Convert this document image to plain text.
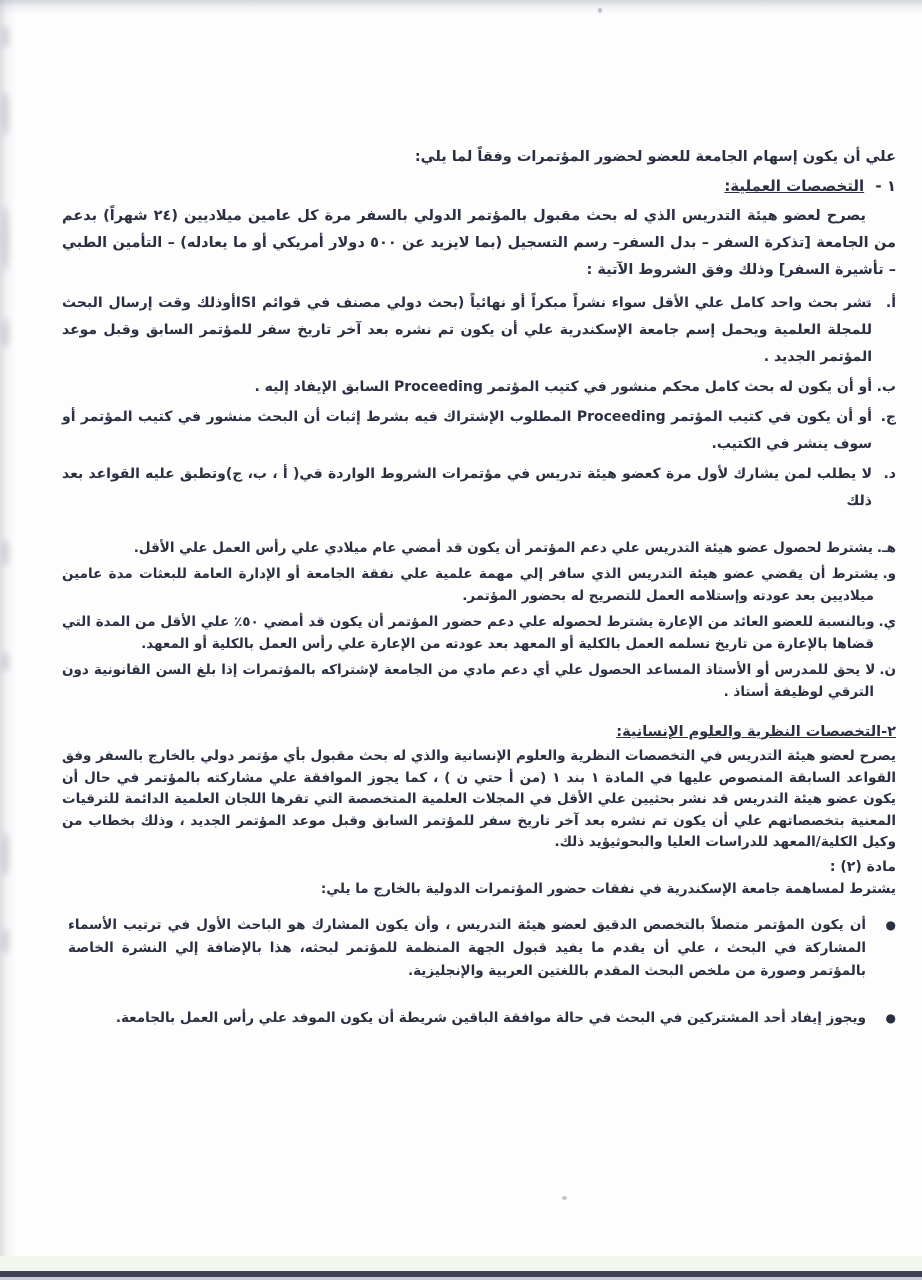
علي أن يكون إسهام الجامعة للعضو لحضور المؤتمرات وفقاً لما يلي:

١ - التخصصات العملية:

يصرح لعضو هيئة التدريس الذي له بحث مقبول بالمؤتمر الدولي بالسفر مرة كل عامين ميلاديين (٢٤ شهراً) بدعم من الجامعة [تذكرة السفر – بدل السفر– رسم التسجيل (بما لايزيد عن ٥٠٠ دولار أمريكي أو ما يعادله) – التأمين الطبي – تأشيرة السفر] وذلك وفق الشروط الآتية :

أ.
نشر بحث واحد كامل علي الأقل سواء نشراً مبكراً أو نهائياً (بحث دولي مصنف في قوائم ISIأوذلك وقت إرسال البحث للمجلة العلمية ويحمل إسم جامعة الإسكندرية علي أن يكون تم نشره بعد آخر تاريخ سفر للمؤتمر السابق وقبل موعد المؤتمر الجديد .
ب.
أو أن يكون له بحث كامل محكم منشور في كتيب المؤتمر Proceeding السابق الإيفاد إليه .
ج.
أو أن يكون في كتيب المؤتمر Proceeding المطلوب الإشتراك فيه بشرط إثبات أن البحث منشور في كتيب المؤتمر أو سوف ينشر في الكتيب.
د.
لا يطلب لمن يشارك لأول مرة كعضو هيئة تدريس في مؤتمرات الشروط الواردة في( أ ، ب، ج)وتطبق عليه القواعد بعد ذلك
هـ.يشترط لحصول عضو هيئة التدريس علي دعم المؤتمر أن يكون قد أمضي عام ميلادي علي رأس العمل علي الأقل.
و.يشترط أن يقضي عضو هيئة التدريس الذي سافر إلي مهمة علمية علي نفقة الجامعة أو الإدارة العامة للبعثات مدة عامين ميلاديين بعد عودته وإستلامه العمل للتصريح له بحضور المؤتمر.
ي.وبالنسبة للعضو العائد من الإعارة يشترط لحصوله علي دعم حضور المؤتمر أن يكون قد أمضي ٥٠٪ علي الأقل من المدة التي قضاها بالإعارة من تاريخ تسلمه العمل بالكلية أو المعهد بعد عودته من الإعارة علي رأس العمل بالكلية أو المعهد.
ن.لا يحق للمدرس أو الأستاذ المساعد الحصول علي أي دعم مادي من الجامعة لإشتراكه بالمؤتمرات إذا بلغ السن القانونية دون الترقي لوظيفة أستاذ .

٢-التخصصات النظرية والعلوم الإنسانية:

يصرح لعضو هيئة التدريس في التخصصات النظرية والعلوم الإنسانية والذي له بحث مقبول بأي مؤتمر دولي بالخارج بالسفر وفق القواعد السابقة المنصوص عليها في المادة ١ بند ١ (من أ حتي ن ) ، كما يجوز الموافقة علي مشاركته بالمؤتمر في حال أن يكون عضو هيئة التدريس قد نشر بحثيين علي الأقل في المجلات العلمية المتخصصة التي تقرها اللجان العلمية الدائمة للترقيات المعنية بتخصصاتهم علي أن يكون تم نشره بعد آخر تاريخ سفر للمؤتمر السابق وقبل موعد المؤتمر الجديد ، وذلك بخطاب من وكيل الكلية/المعهد للدراسات العليا والبحوثيؤيد ذلك.

مادة (٢) :

يشترط لمساهمة جامعة الإسكندرية في نفقات حضور المؤتمرات الدولية بالخارج ما يلي:

●
أن يكون المؤتمر متصلاً بالتخصص الدقيق لعضو هيئة التدريس ، وأن يكون المشارك هو الباحث الأول في ترتيب الأسماء المشاركة في البحث ، علي أن يقدم ما يفيد قبول الجهة المنظمة للمؤتمر لبحثه، هذا بالإضافة إلي النشرة الخاصة بالمؤتمر وصورة من ملخص البحث المقدم باللغتين العربية والإنجليزية.
●
ويجوز إيفاد أحد المشتركين في البحث في حالة موافقة الباقين شريطة أن يكون الموفد علي رأس العمل بالجامعة.
